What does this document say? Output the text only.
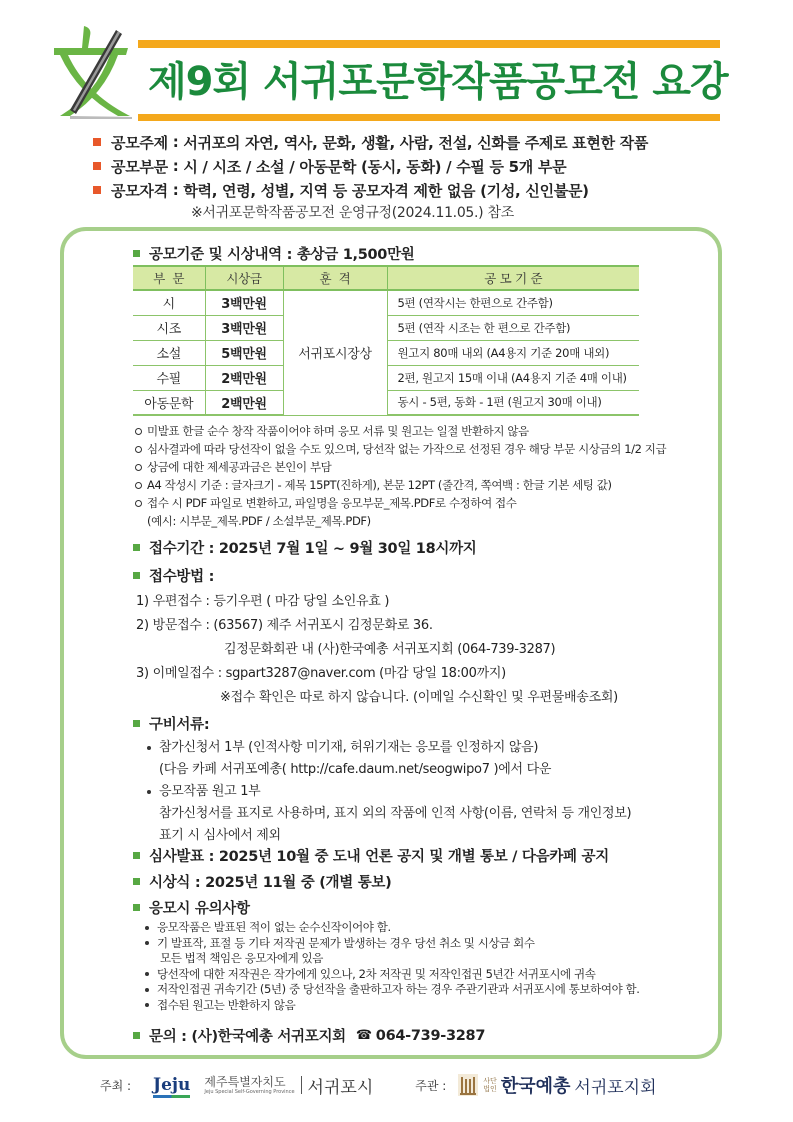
제9회 서귀포문학작품공모전 요강
공모주제 : 서귀포의 자연, 역사, 문화, 생활, 사람, 전설, 신화를 주제로 표현한 작품
공모부문 : 시 / 시조 / 소설 / 아동문학 (동시, 동화) / 수필 등 5개 부문
공모자격 : 학력, 연령, 성별, 지역 등 공모자격 제한 없음 (기성, 신인불문)
※서귀포문학작품공모전 운영규정(2024.11.05.) 참조
공모기준 및 시상내역 : 총상금 1,500만원
부  문	시상금	훈  격	공 모 기 준
시	3백만원	서귀포시장상	5편 (연작시는 한편으로 간주함)
시조	3백만원		5편 (연작 시조는 한 편으로 간주함)
소설	5백만원		원고지 80매 내외 (A4용지 기준 20매 내외)
수필	2백만원		2편, 원고지 15매 이내 (A4용지 기준 4매 이내)
아동문학	2백만원		동시 - 5편, 동화 - 1편 (원고지 30매 이내)
미발표 한글 순수 창작 작품이어야 하며 응모 서류 및 원고는 일절 반환하지 않음
심사결과에 따라 당선작이 없을 수도 있으며, 당선작 없는 가작으로 선정된 경우 해당 부문 시상금의 1/2 지급
상금에 대한 제세공과금은 본인이 부담
A4 작성시 기준 : 글자크기 - 제목 15PT(진하게), 본문 12PT (줄간격, 쪽여백 : 한글 기본 세팅 값)
접수 시 PDF 파일로 변환하고, 파일명을 응모부문_제목.PDF로 수정하여 접수
(예시: 시부문_제목.PDF / 소설부문_제목.PDF)
접수기간 : 2025년 7월 1일 ~ 9월 30일 18시까지
접수방법 :
1) 우편접수 : 등기우편 ( 마감 당일 소인유효 )
2) 방문접수 : (63567) 제주 서귀포시 김정문화로 36.
김정문화회관 내 (사)한국예총 서귀포지회 (064-739-3287)
3) 이메일접수 : sgpart3287@naver.com (마감 당일 18:00까지)
※접수 확인은 따로 하지 않습니다. (이메일 수신확인 및 우편물배송조회)
구비서류:
참가신청서 1부 (인적사항 미기재, 허위기재는 응모를 인정하지 않음)
(다음 카페 서귀포예총( http://cafe.daum.net/seogwipo7 )에서 다운
응모작품 원고 1부
참가신청서를 표지로 사용하며, 표지 외의 작품에 인적 사항(이름, 연락처 등 개인정보)
표기 시 심사에서 제외
심사발표 : 2025년 10월 중 도내 언론 공지 및 개별 통보 / 다음카페 공지
시상식 : 2025년 11월 중 (개별 통보)
응모시 유의사항
응모작품은 발표된 적이 없는 순수신작이어야 함.
기 발표작, 표절 등 기타 저작권 문제가 발생하는 경우 당선 취소 및 시상금 회수
모든 법적 책임은 응모자에게 있음
당선작에 대한 저작권은 작가에게 있으나, 2차 저작권 및 저작인접권 5년간 서귀포시에 귀속
저작인접권 귀속기간 (5년) 중 당선작을 출판하고자 하는 경우 주관기관과 서귀포시에 통보하여야 함.
접수된 원고는 반환하지 않음
문의 : (사)한국예총 서귀포지회 ☎ 064-739-3287
주최 : Jeju 제주특별자치도
Jeju Special Self-Governing Province 서귀포시	주관 :	사단
법인 한국예총 서귀포지회
